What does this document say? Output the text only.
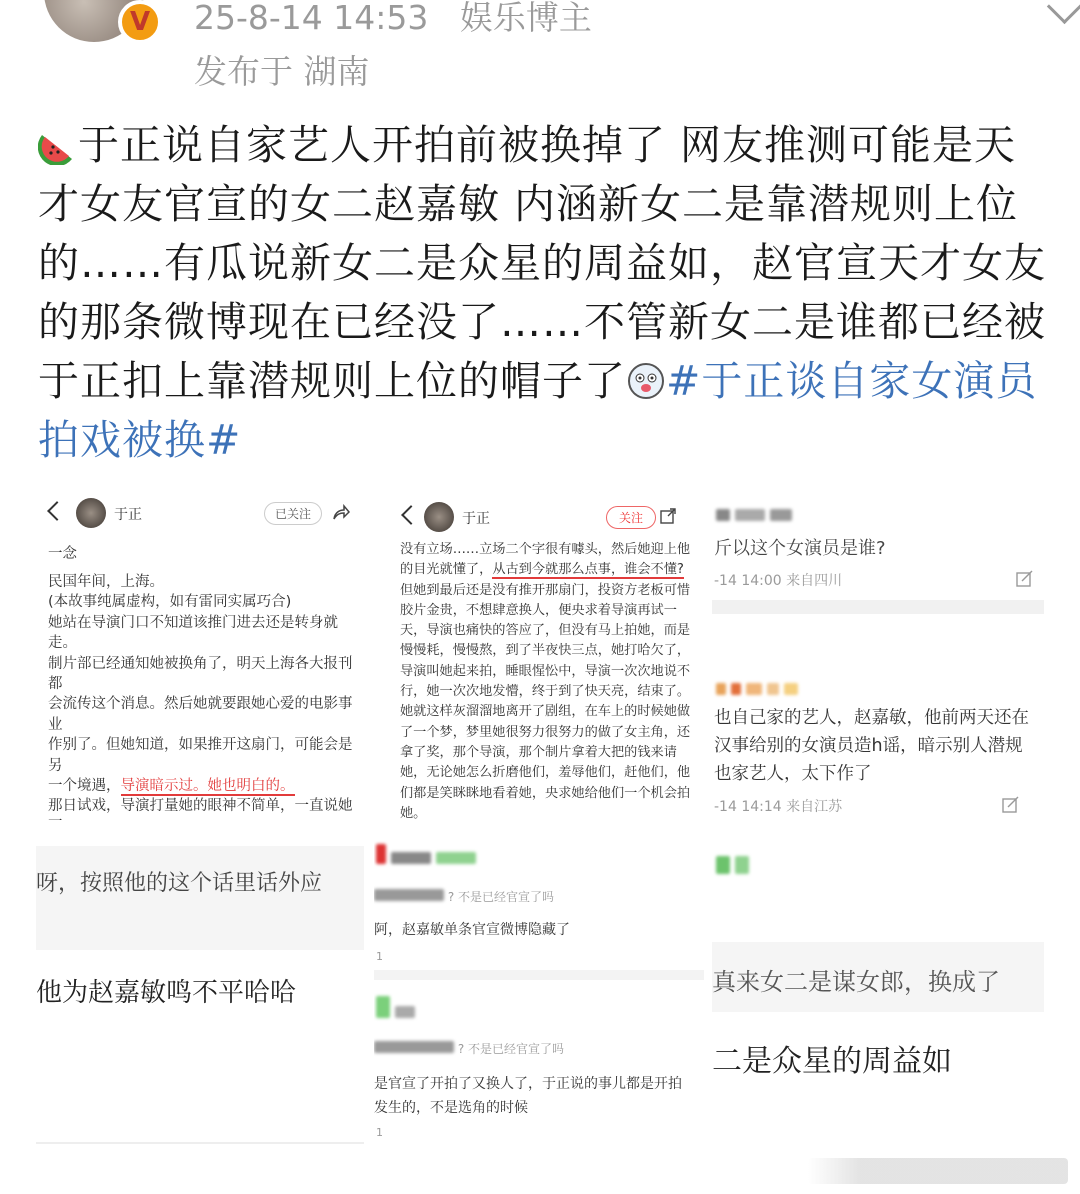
V	25-8-14 14:53 娱乐博主
发布于 湖南
于正说自家艺人开拍前被换掉了 网友推测可能是天才女友官宣的女二赵嘉敏 内涵新女二是靠潜规则上位的……有瓜说新女二是众星的周益如，赵官宣天才女友的那条微博现在已经没了……不管新女二是谁都已经被于正扣上靠潜规则上位的帽子了 #于正谈自家女演员拍戏被换#
于正	已关注
一念
民国年间，上海。
(本故事纯属虚构，如有雷同实属巧合)
她站在导演门口不知道该推门进去还是转身就走。
制片部已经通知她被换角了，明天上海各大报刊都
会流传这个消息。然后她就要跟她心爱的电影事业
作别了。但她知道，如果推开这扇门，可能会是另
一个境遇，导演暗示过。她也明白的。
那日试戏，导演打量她的眼神不简单，一直说她
于正	关注
没有立场……立场二个字很有噱头，然后她迎上他
的目光就懂了，从古到今就那么点事，谁会不懂?
但她到最后还是没有推开那扇门，投资方老板可惜
胶片金贵，不想肆意换人，便央求着导演再试一
天，导演也痛快的答应了，但没有马上拍她，而是
慢慢耗，慢慢熬，到了半夜快三点，她打哈欠了，
导演叫她起来拍，睡眼惺忪中，导演一次次地说不
行，她一次次地发懵，终于到了快天亮，结束了。
她就这样灰溜溜地离开了剧组，在车上的时候她做
了一个梦，梦里她很努力很努力的做了女主角，还
拿了奖，那个导演，那个制片拿着大把的钱来请
她，无论她怎么折磨他们，羞辱他们，赶他们，他
们都是笑眯眯地看着她，央求她给他们一个机会拍
她。

斤以这个女演员是谁?
-14 14:00 来自四川

也自己家的艺人，赵嘉敏，他前两天还在
汉事给别的女演员造h谣，暗示别人潜规
也家艺人，太下作了
-14 14:14 来自江苏
呀，按照他的这个话里话外应
他为赵嘉敏鸣不平哈哈

? 不是已经官宣了吗
阿，赵嘉敏单条官宣微博隐藏了
1

? 不是已经官宣了吗
是官宣了开拍了又换人了，于正说的事儿都是开拍
发生的，不是选角的时候
1

真来女二是谋女郎，换成了
二是众星的周益如
